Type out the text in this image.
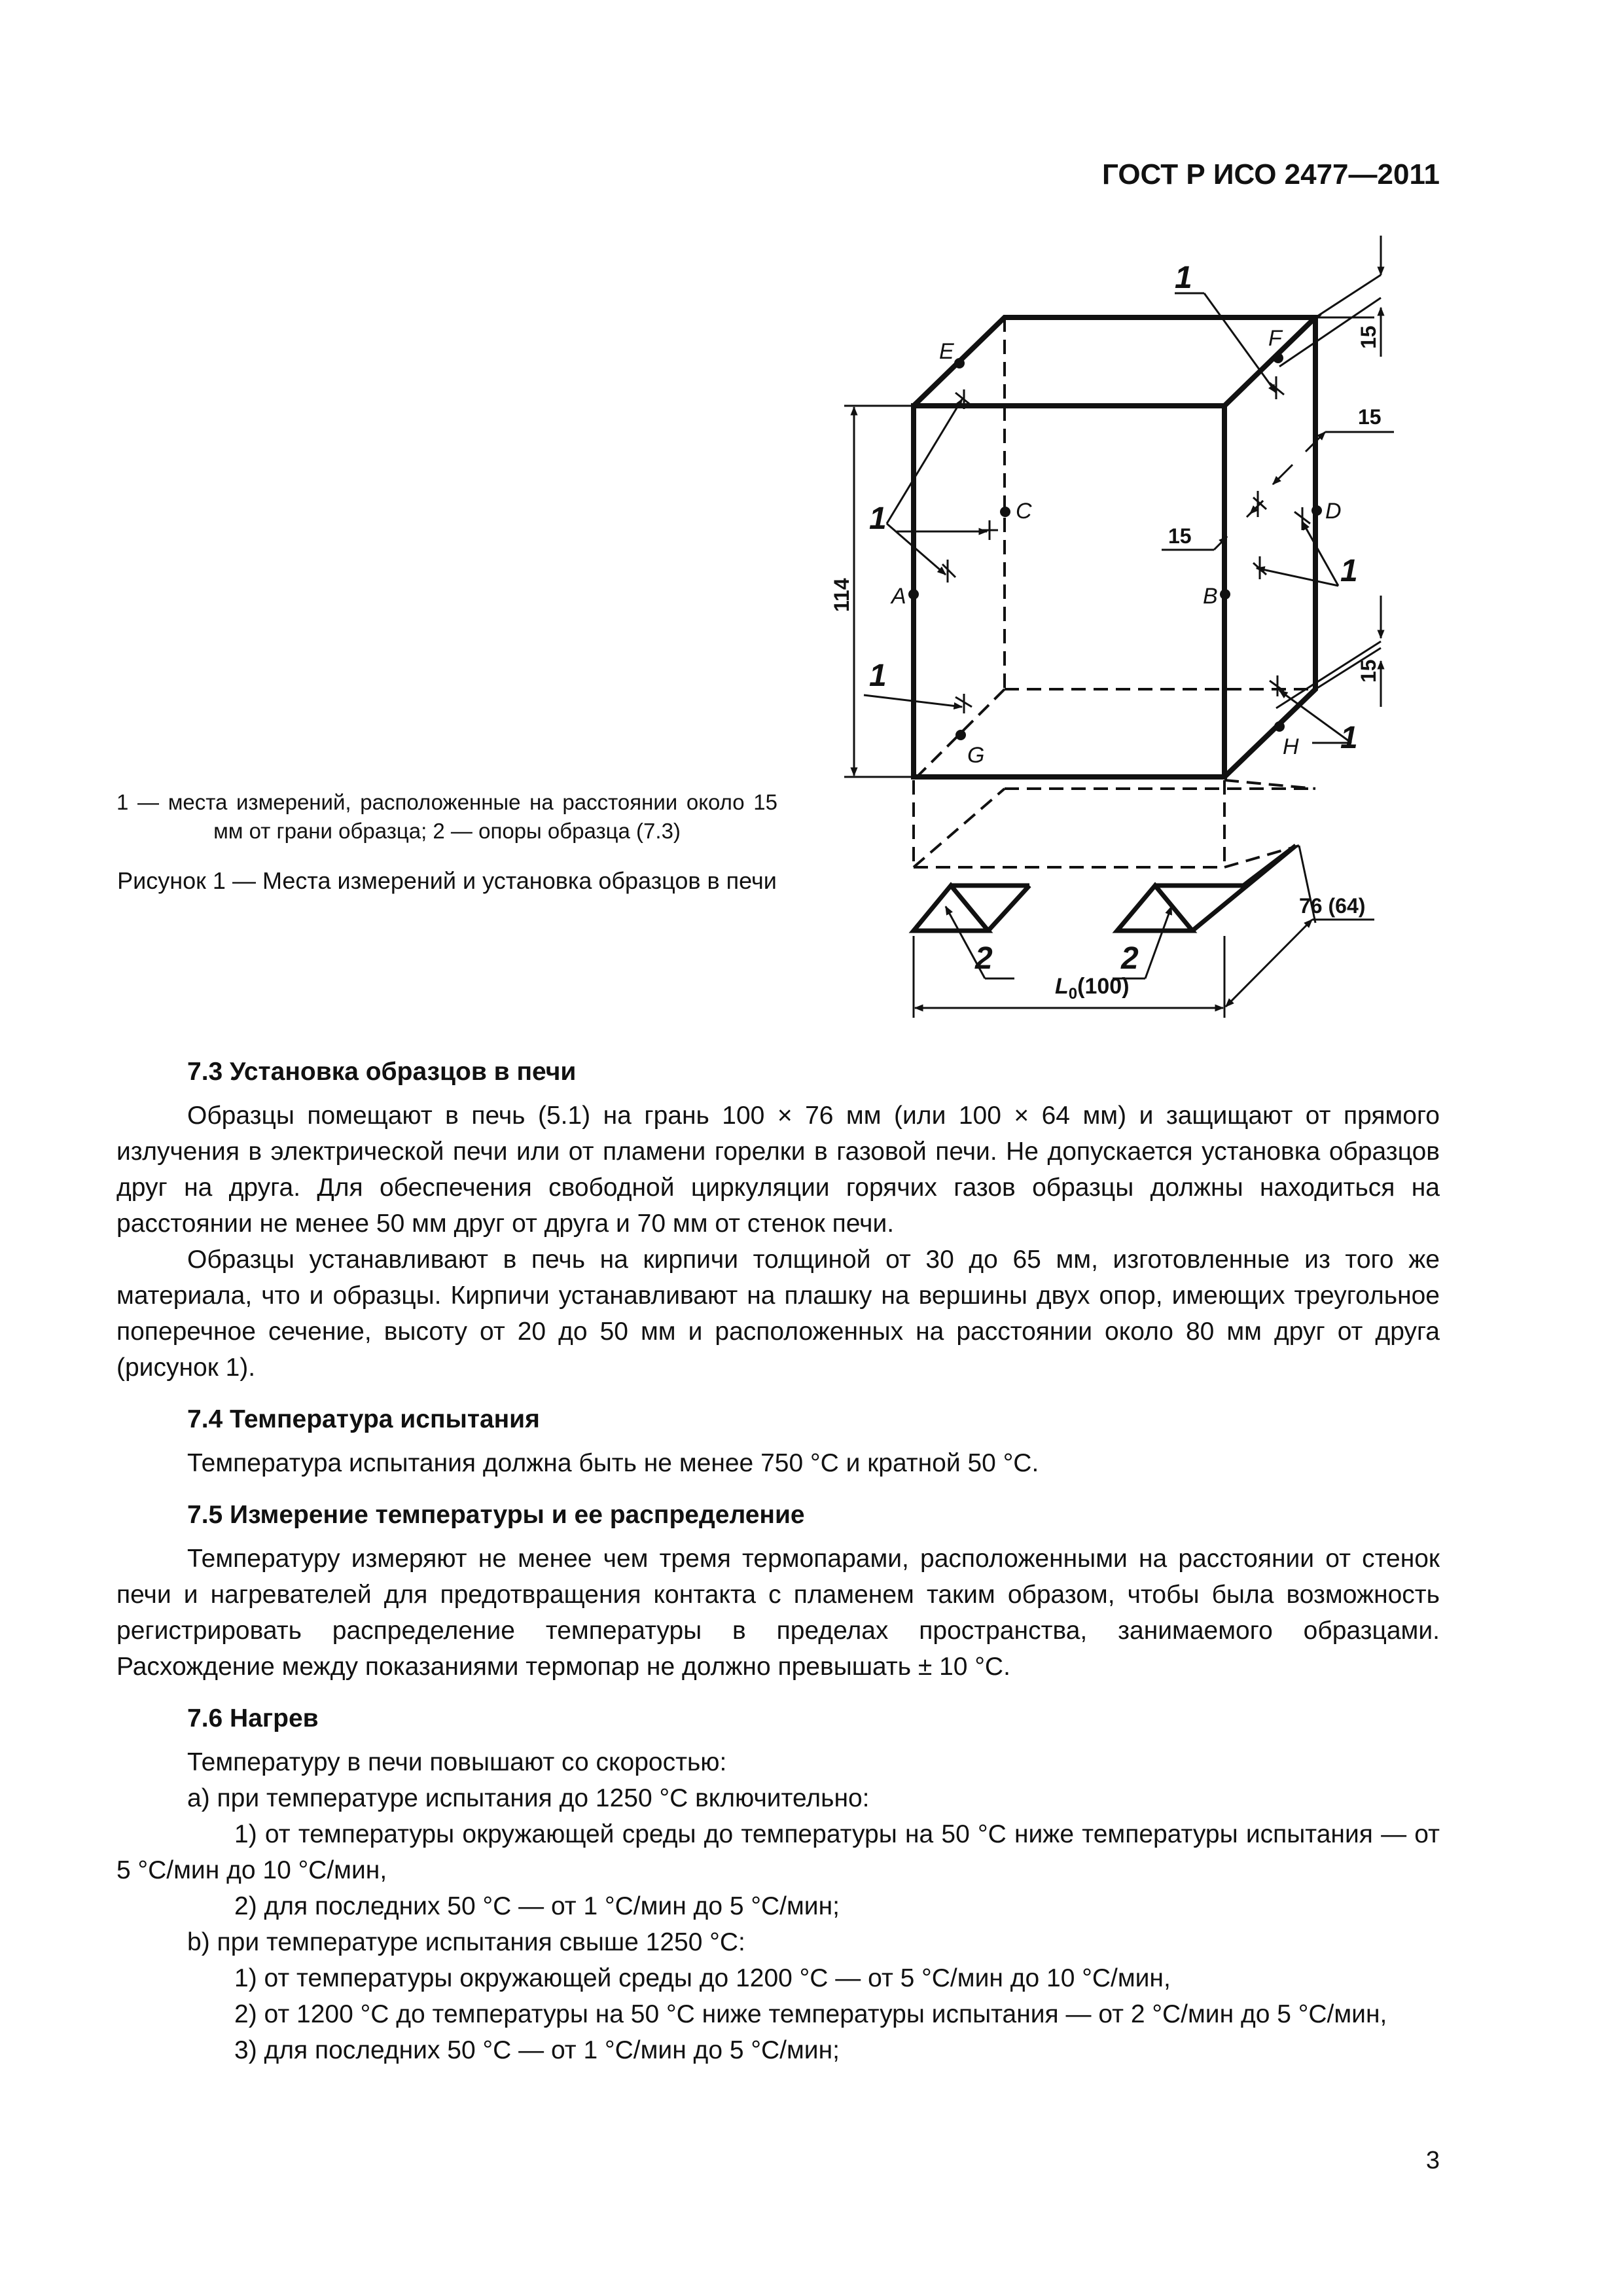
ГОСТ Р ИСО 2477—2011
E
F
C	D
A	B
G	H
1
1
1
1
1
2	2
15
15
15
15
114
76 (64)
$L_0(100)$
1 — места измерений, расположенные на расстоянии около 15 мм от грани образца; 2 — опоры образца (7.3)
Рисунок 1 — Места измерений и установка образцов в печи
7.3 Установка образцов в печи

Образцы помещают в печь (5.1) на грань 100 × 76 мм (или 100 × 64 мм) и защищают от прямого излучения в электрической печи или от пламени горелки в газовой печи. Не допускается установка образцов друг на друга. Для обеспечения свободной циркуляции горячих газов образцы должны находиться на расстоянии не менее 50 мм друг от друга и 70 мм от стенок печи.

Образцы устанавливают в печь на кирпичи толщиной от 30 до 65 мм, изготовленные из того же материала, что и образцы. Кирпичи устанавливают на плашку на вершины двух опор, имеющих треугольное поперечное сечение, высоту от 20 до 50 мм и расположенных на расстоянии около 80 мм друг от друга (рисунок 1).

7.4 Температура испытания

Температура испытания должна быть не менее 750 °С и кратной 50 °С.

7.5 Измерение температуры и ее распределение

Температуру измеряют не менее чем тремя термопарами, расположенными на расстоянии от стенок печи и нагревателей для предотвращения контакта с пламенем таким образом, чтобы была возможность регистрировать распределение температуры в пределах пространства, занимаемого образцами. Расхождение между показаниями термопар не должно превышать ± 10 °С.

7.6 Нагрев

Температуру в печи повышают со скоростью:

a) при температуре испытания до 1250 °С включительно:

1) от температуры окружающей среды до температуры на 50 °С ниже температуры испытания — от 5 °С/мин до 10 °С/мин,

2) для последних 50 °С — от 1 °С/мин до 5 °С/мин;

b) при температуре испытания свыше 1250 °С:

1) от температуры окружающей среды до 1200 °С — от 5 °С/мин до 10 °С/мин,

2) от 1200 °С до температуры на 50 °С ниже температуры испытания — от 2 °С/мин до 5 °С/мин,

3) для последних 50 °С — от 1 °С/мин до 5 °С/мин;

3
